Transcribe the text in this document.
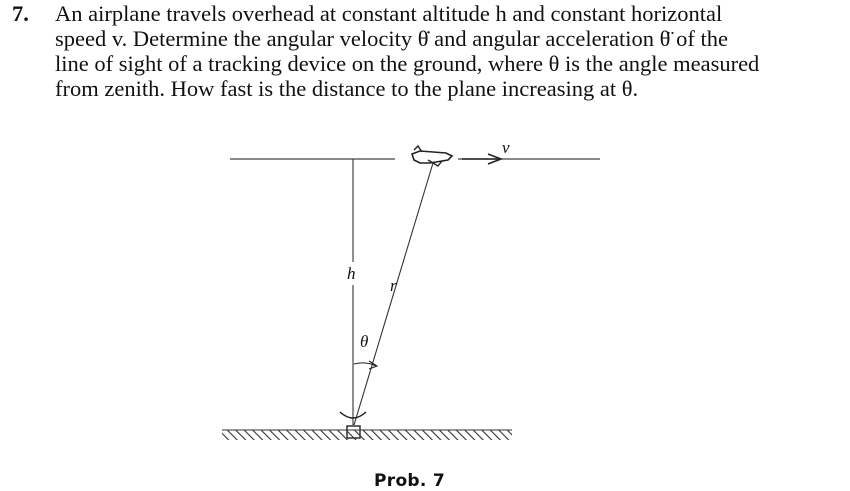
7. An airplane travels overhead at constant altitude h and constant horizontal
speed v. Determine the angular velocity θ̇ and angular acceleration θ̈ of the
line of sight of a tracking device on the ground, where θ is the angle measured
from zenith. How fast is the distance to the plane increasing at θ.
v
h
r
θ
Prob. 7
